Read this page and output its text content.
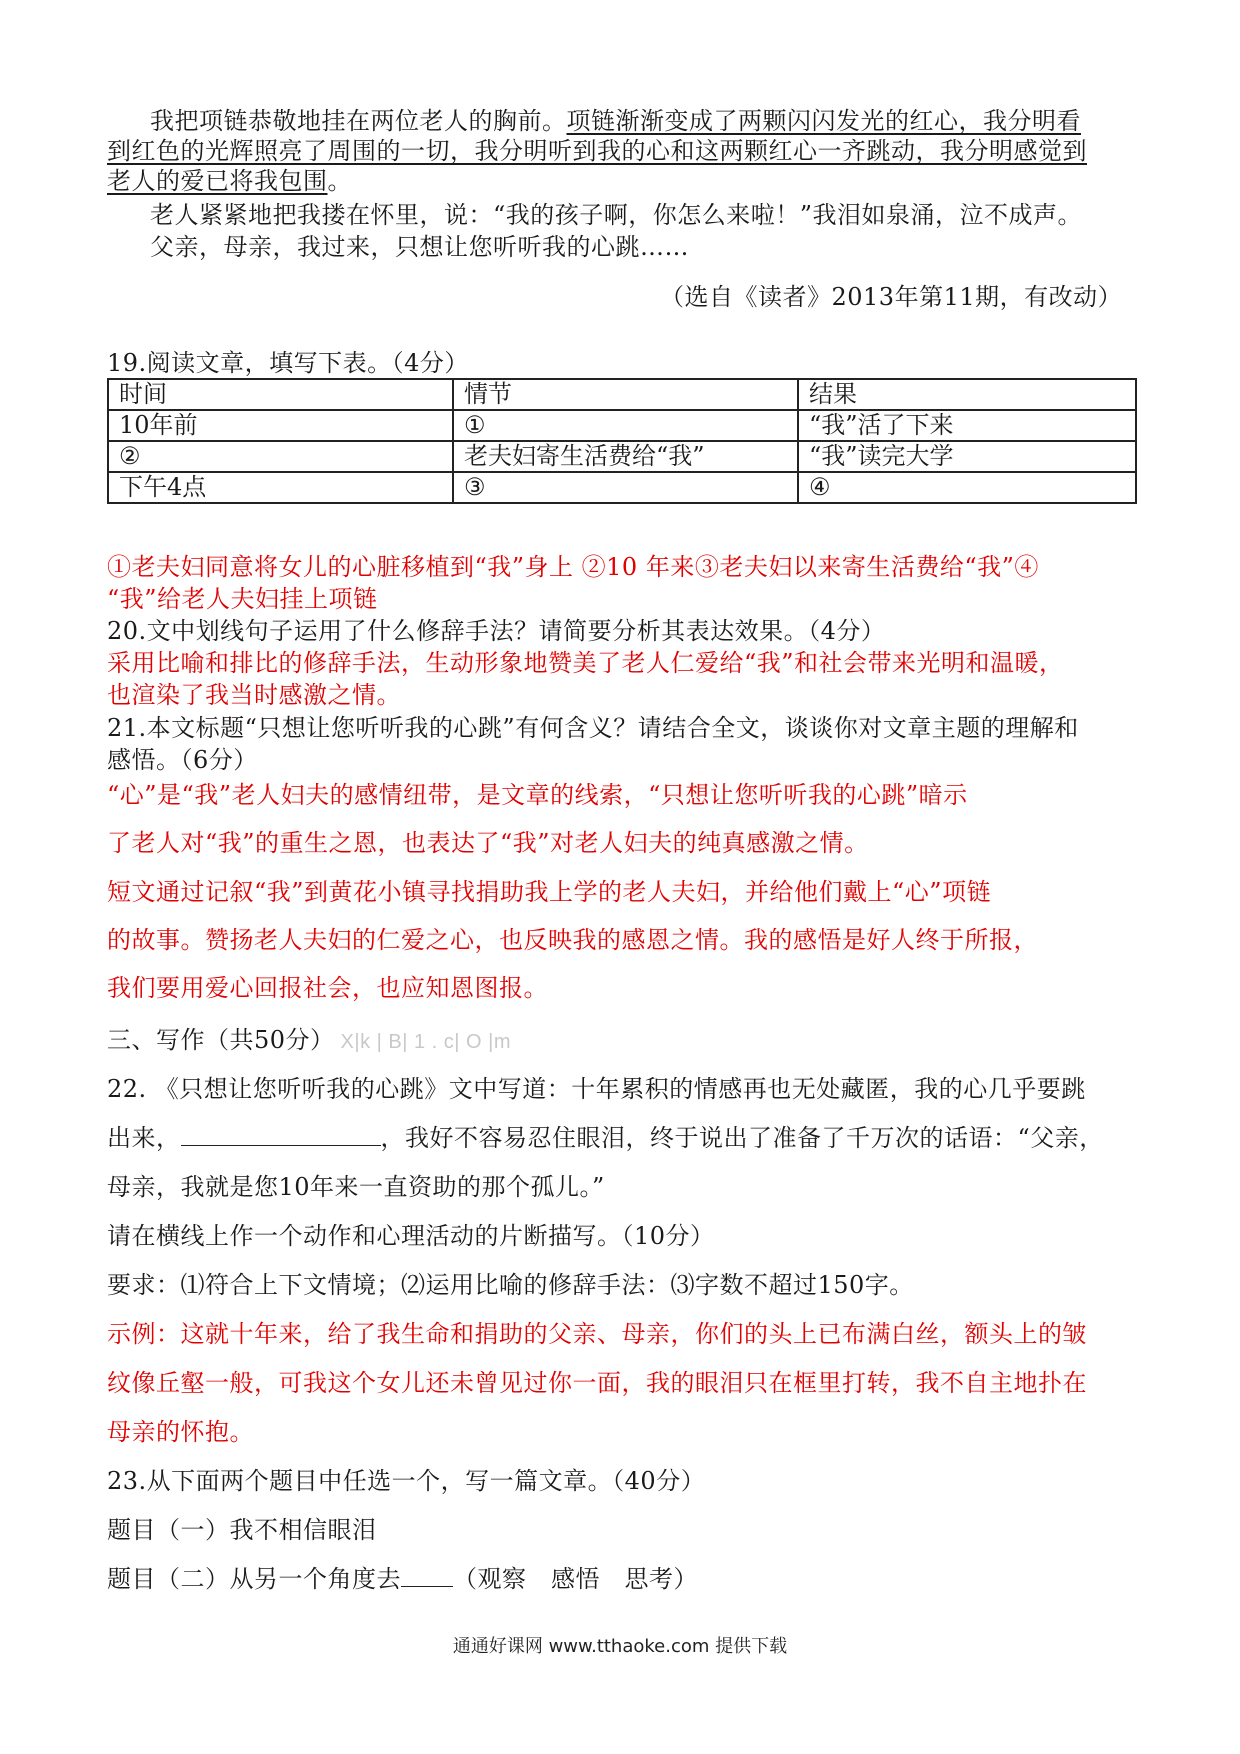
我把项链恭敬地挂在两位老人的胸前。项链渐渐变成了两颗闪闪发光的红心，我分明看
到红色的光辉照亮了周围的一切，我分明听到我的心和这两颗红心一齐跳动，我分明感觉到
老人的爱已将我包围。
老人紧紧地把我搂在怀里，说：“我的孩子啊，你怎么来啦！”我泪如泉涌，泣不成声。
父亲，母亲，我过来，只想让您听听我的心跳……
（选自《读者》2013年第11期，有改动）
19.阅读文章，填写下表。（4分）
时间	情节	结果
10年前	①	“我”活了下来
②	老夫妇寄生活费给“我”	“我”读完大学
下午4点	③	④
①老夫妇同意将女儿的心脏移植到“我”身上 ②10 年来③老夫妇以来寄生活费给“我”④
“我”给老人夫妇挂上项链
20.文中划线句子运用了什么修辞手法？请简要分析其表达效果。（4分）
采用比喻和排比的修辞手法，生动形象地赞美了老人仁爱给“我”和社会带来光明和温暖，
也渲染了我当时感激之情。
21.本文标题“只想让您听听我的心跳”有何含义？请结合全文，谈谈你对文章主题的理解和
感悟。（6分）
“心”是“我”老人妇夫的感情纽带，是文章的线索，“只想让您听听我的心跳”暗示
了老人对“我”的重生之恩，也表达了“我”对老人妇夫的纯真感激之情。
短文通过记叙“我”到黄花小镇寻找捐助我上学的老人夫妇，并给他们戴上“心”项链
的故事。赞扬老人夫妇的仁爱之心，也反映我的感恩之情。我的感悟是好人终于所报，
我们要用爱心回报社会，也应知恩图报。
三、写作（共50分） X|k | B| 1 . c| O |m
22. 《只想让您听听我的心跳》文中写道：十年累积的情感再也无处藏匿，我的心几乎要跳
出来，	，我好不容易忍住眼泪，终于说出了准备了千万次的话语：“父亲，
母亲，我就是您10年来一直资助的那个孤儿。”
请在横线上作一个动作和心理活动的片断描写。（10分）
要求：⑴符合上下文情境；⑵运用比喻的修辞手法：⑶字数不超过150字。
示例：这就十年来，给了我生命和捐助的父亲、母亲，你们的头上已布满白丝，额头上的皱
纹像丘壑一般，可我这个女儿还未曾见过你一面，我的眼泪只在框里打转，我不自主地扑在
母亲的怀抱。
23.从下面两个题目中任选一个，写一篇文章。（40分）
题目（一）我不相信眼泪
题目（二）从另一个角度去 （观察　感悟　思考）
通通好课网 www.tthaoke.com 提供下载
